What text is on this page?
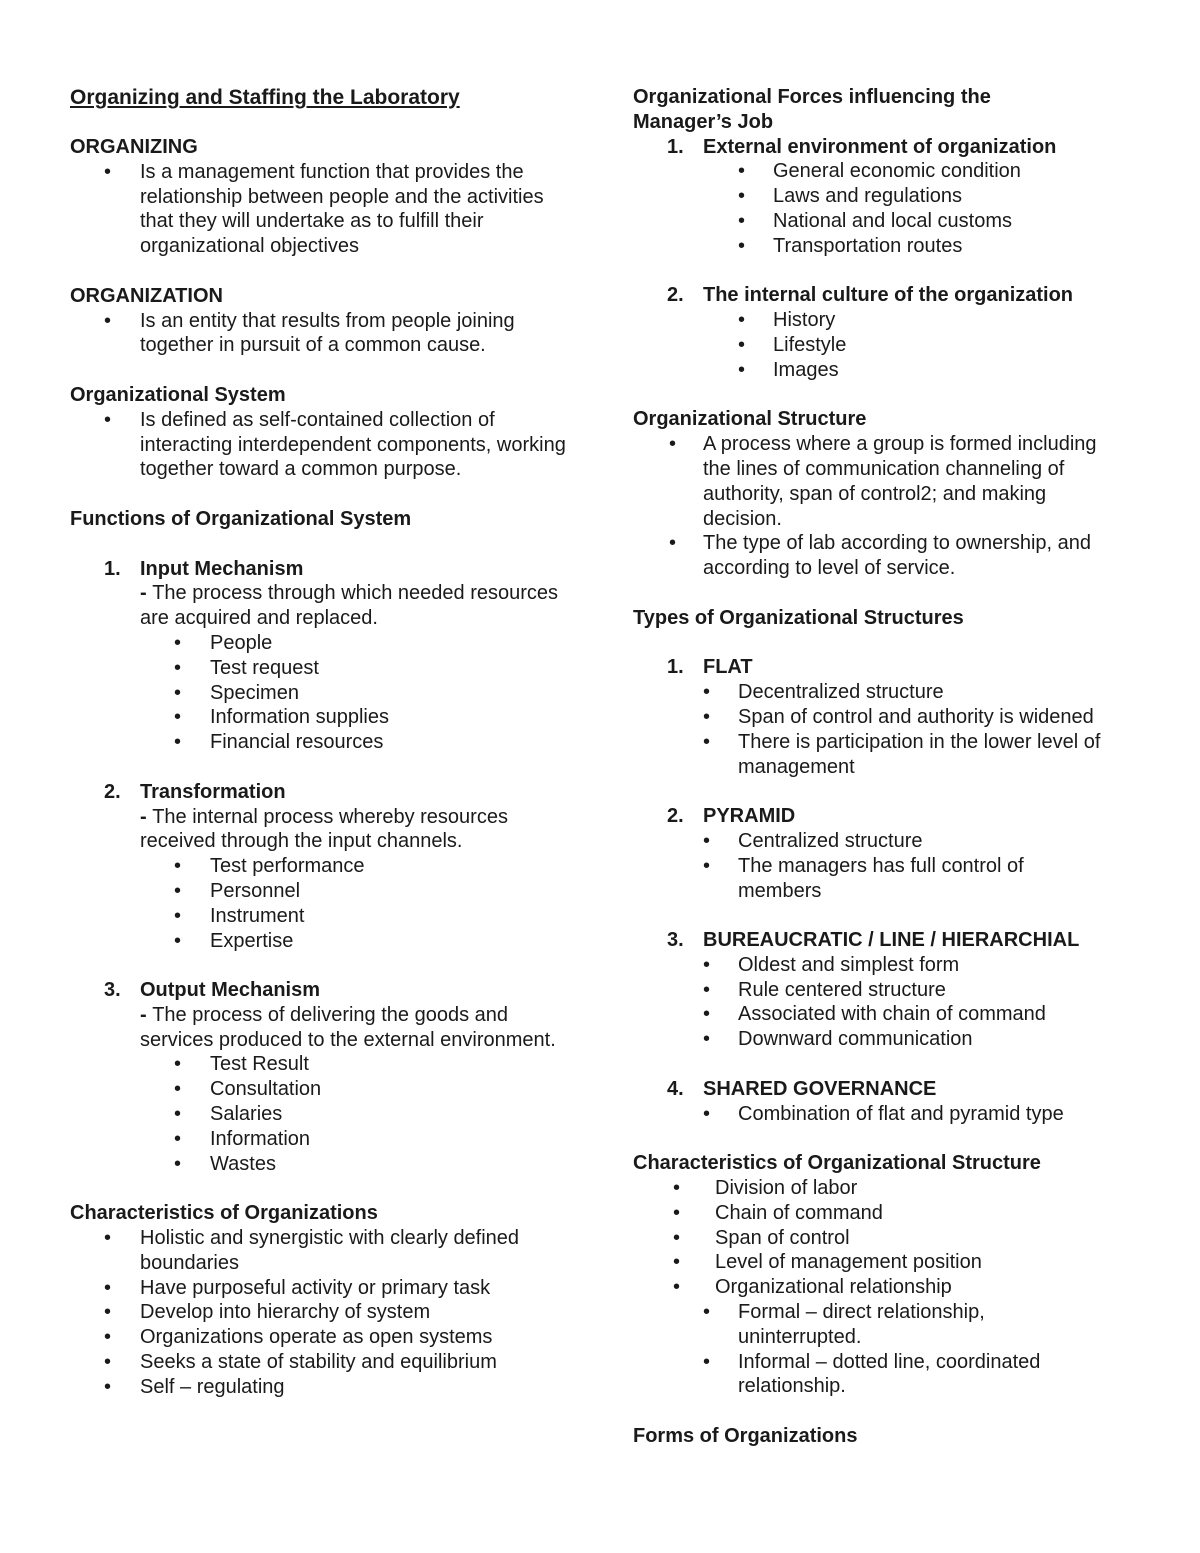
Organizing and Staffing the Laboratory
ORGANIZING
• Is a management function that provides the relationship between people and the activities that they will undertake as to fulfill their organizational objectives
ORGANIZATION
• Is an entity that results from people joining together in pursuit of a common cause.
Organizational System
• Is defined as self-contained collection of interacting interdependent components, working together toward a common purpose.
Functions of Organizational System
1. Input Mechanism
- The process through which needed resources are acquired and replaced.
• People
• Test request
• Specimen
• Information supplies
• Financial resources
2. Transformation
- The internal process whereby resources received through the input channels.
• Test performance
• Personnel
• Instrument
• Expertise
3. Output Mechanism
- The process of delivering the goods and services produced to the external environment.
• Test Result
• Consultation
• Salaries
• Information
• Wastes
Characteristics of Organizations
• Holistic and synergistic with clearly defined boundaries
• Have purposeful activity or primary task
• Develop into hierarchy of system
• Organizations operate as open systems
• Seeks a state of stability and equilibrium
• Self – regulating
Organizational Forces influencing the Manager’s Job
1. External environment of organization
• General economic condition
• Laws and regulations
• National and local customs
• Transportation routes
2. The internal culture of the organization
• History
• Lifestyle
• Images
Organizational Structure
• A process where a group is formed including the lines of communication channeling of authority, span of control2; and making decision.
• The type of lab according to ownership, and according to level of service.
Types of Organizational Structures
1. FLAT
• Decentralized structure
• Span of control and authority is widened
• There is participation in the lower level of management
2. PYRAMID
• Centralized structure
• The managers has full control of members
3. BUREAUCRATIC / LINE / HIERARCHIAL
• Oldest and simplest form
• Rule centered structure
• Associated with chain of command
• Downward communication
4. SHARED GOVERNANCE
• Combination of flat and pyramid type
Characteristics of Organizational Structure
• Division of labor
• Chain of command
• Span of control
• Level of management position
• Organizational relationship
• Formal – direct relationship, uninterrupted.
• Informal – dotted line, coordinated relationship.
Forms of Organizations
